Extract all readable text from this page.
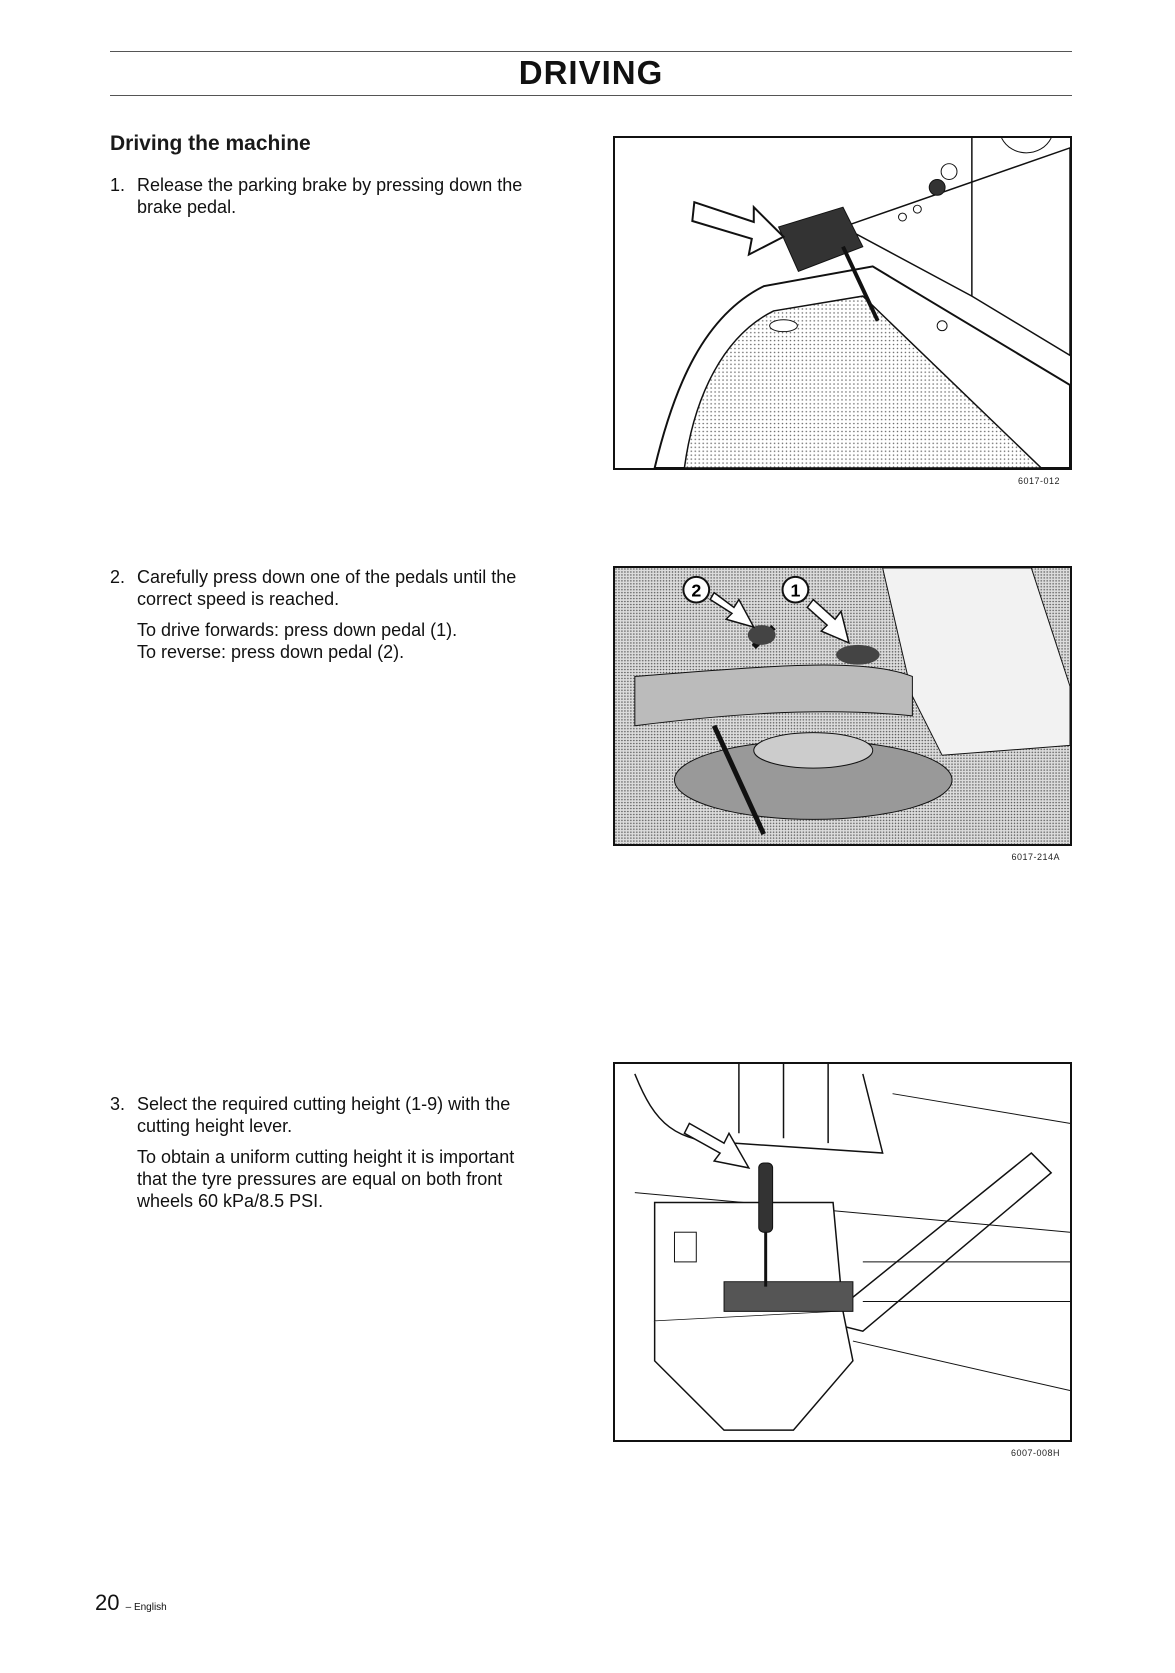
DRIVING
Driving the machine
1. Release the parking brake by pressing down the
brake pedal.

2. Carefully press down one of the pedals until the
correct speed is reached.

To drive forwards: press down pedal (1).
To reverse: press down pedal (2).

3. Select the required cutting height (1-9) with the
cutting height lever.

To obtain a uniform cutting height it is important
that the tyre pressures are equal on both front
wheels 60 kPa/8.5 PSI.

6017-012
2	1
6017-214A
6007-008H
20 – English
